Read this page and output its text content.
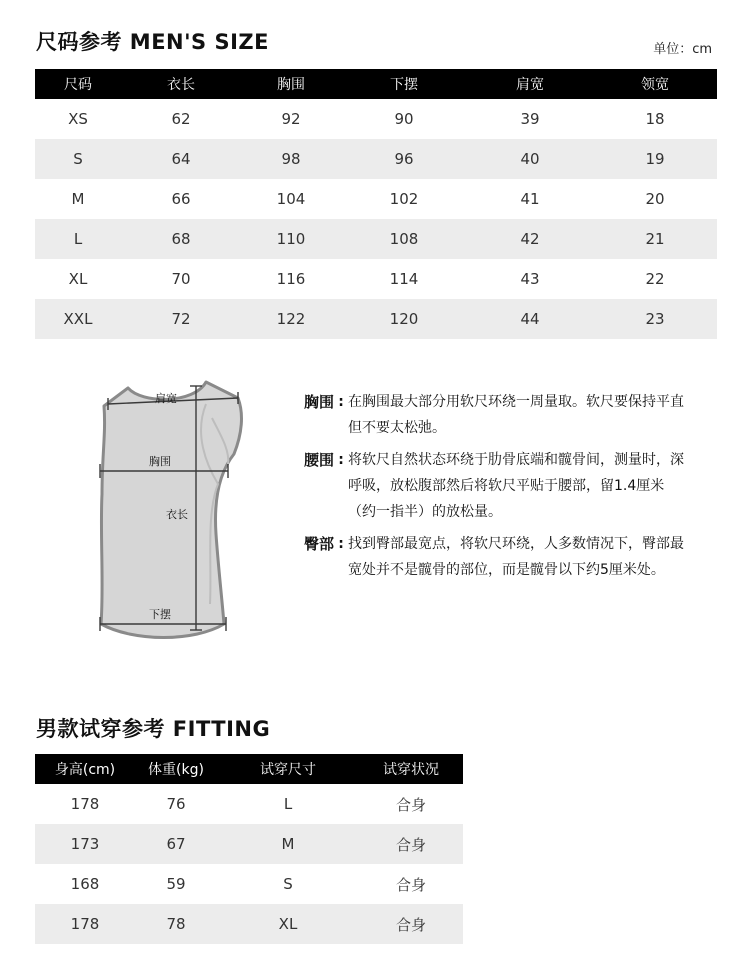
尺码参考 MEN'S SIZE	单位：cm
尺码	衣长	胸围	下摆	肩宽	领宽
XS	62	92	90	39	18
S	64	98	96	40	19
M	66	104	102	41	20
L	68	110	108	42	21
XL	70	116	114	43	22
XXL	72	122	120	44	23
肩宽
胸围
衣长
下摆
胸围 : 在胸围最大部分用软尺环绕一周量取。软尺要保持平直但不要太松弛。
腰围 : 将软尺自然状态环绕于肋骨底端和髋骨间，测量时，深呼吸，放松腹部然后将软尺平贴于腰部，留1.4厘米（约一指半）的放松量。
臀部 : 找到臀部最宽点，将软尺环绕，人多数情况下，臀部最宽处并不是髋骨的部位，而是髋骨以下约5厘米处。
男款试穿参考 FITTING
身高(cm)	体重(kg)	试穿尺寸	试穿状况
178	76	L	合身
173	67	M	合身
168	59	S	合身
178	78	XL	合身
